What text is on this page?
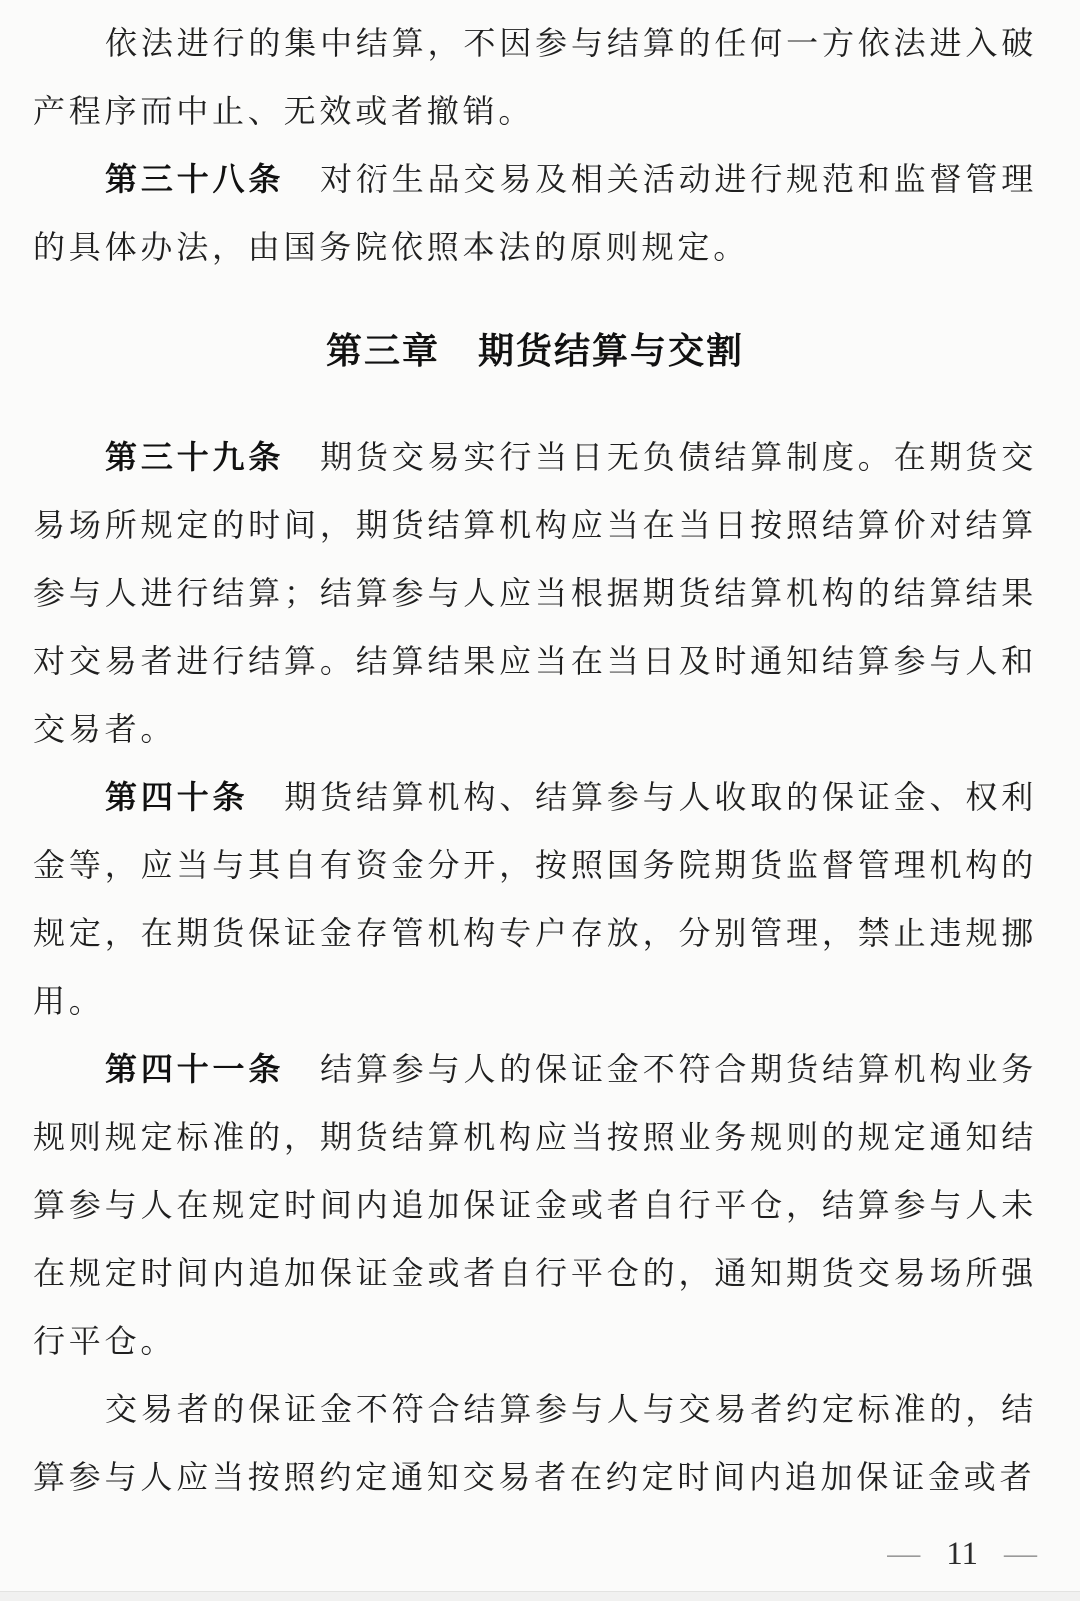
依法进行的集中结算，不因参与结算的任何一方依法进入破产程序而中止、无效或者撤销。

第三十八条　对衍生品交易及相关活动进行规范和监督管理的具体办法，由国务院依照本法的原则规定。

第三章　期货结算与交割

第三十九条　期货交易实行当日无负债结算制度。在期货交易场所规定的时间，期货结算机构应当在当日按照结算价对结算参与人进行结算；结算参与人应当根据期货结算机构的结算结果对交易者进行结算。结算结果应当在当日及时通知结算参与人和交易者。

第四十条　期货结算机构、结算参与人收取的保证金、权利金等，应当与其自有资金分开，按照国务院期货监督管理机构的规定，在期货保证金存管机构专户存放，分别管理，禁止违规挪用。

第四十一条　结算参与人的保证金不符合期货结算机构业务规则规定标准的，期货结算机构应当按照业务规则的规定通知结算参与人在规定时间内追加保证金或者自行平仓，结算参与人未在规定时间内追加保证金或者自行平仓的，通知期货交易场所强行平仓。

交易者的保证金不符合结算参与人与交易者约定标准的，结算参与人应当按照约定通知交易者在约定时间内追加保证金或者

— 11 —
